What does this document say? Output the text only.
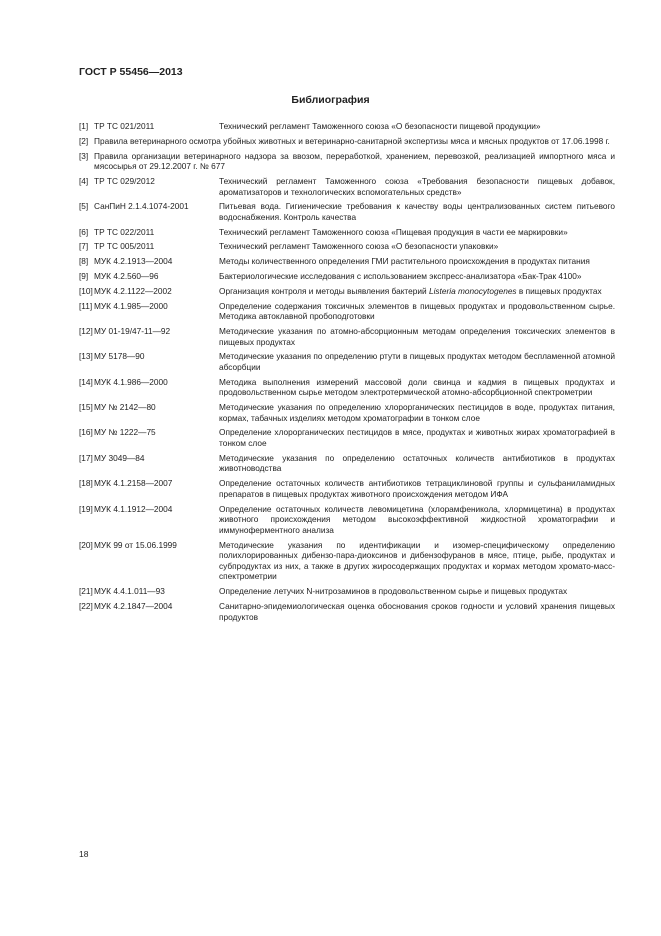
ГОСТ Р 55456—2013
Библиография
[1] ТР ТС 021/2011	Технический регламент Таможенного союза «О безопасности пищевой продукции»
[2] Правила ветеринарного осмотра убойных животных и ветеринарно-санитарной экспертизы мяса и мясных продуктов от 17.06.1998 г.
[3] Правила организации ветеринарного надзора за ввозом, переработкой, хранением, перевозкой, реализацией импортного мяса и мясосырья от 29.12.2007 г. № 677
[4] ТР ТС 029/2012	Технический регламент Таможенного союза «Требования безопасности пищевых добавок, ароматизаторов и технологических вспомогательных средств»
[5] СанПиН 2.1.4.1074-2001	Питьевая вода. Гигиенические требования к качеству воды централизованных систем питьевого водоснабжения. Контроль качества
[6] ТР ТС 022/2011	Технический регламент Таможенного союза «Пищевая продукция в части ее маркировки»
[7] ТР ТС 005/2011	Технический регламент Таможенного союза «О безопасности упаковки»
[8] МУК 4.2.1913—2004	Методы количественного определения ГМИ растительного происхождения в продуктах питания
[9] МУК 4.2.560—96	Бактериологические исследования с использованием экспресс-анализатора «Бак-Трак 4100»
[10] МУК 4.2.1122—2002	Организация контроля и методы выявления бактерий Listeria monocytogenes в пищевых продуктах
[11] МУК 4.1.985—2000	Определение содержания токсичных элементов в пищевых продуктах и продовольственном сырье. Методика автоклавной пробоподготовки
[12] МУ 01-19/47-11—92	Методические указания по атомно-абсорционным методам определения токсических элементов в пищевых продуктах
[13] МУ 5178—90	Методические указания по определению ртути в пищевых продуктах методом беспламенной атомной абсорбции
[14] МУК 4.1.986—2000	Методика выполнения измерений массовой доли свинца и кадмия в пищевых продуктах и продовольственном сырье методом электротермической атомно-абсорбционной спектрометрии
[15] МУ № 2142—80	Методические указания по определению хлорорганических пестицидов в воде, продуктах питания, кормах, табачных изделиях методом хроматографии в тонком слое
[16] МУ № 1222—75	Определение хлорорганических пестицидов в мясе, продуктах и животных жирах хроматографией в тонком слое
[17] МУ 3049—84	Методические указания по определению остаточных количеств антибиотиков в продуктах животноводства
[18] МУК 4.1.2158—2007	Определение остаточных количеств антибиотиков тетрациклиновой группы и сульфаниламидных препаратов в пищевых продуктах животного происхождения методом ИФА
[19] МУК 4.1.1912—2004	Определение остаточных количеств левомицетина (хлорамфеникола, хлормицетина) в продуктах животного происхождения методом высокоэффективной жидкостной хроматографии и иммуноферментного анализа
[20] МУК 99 от 15.06.1999	Методические указания по идентификации и изомер-специфическому определению полихлорированных дибензо-пара-диоксинов и дибензофуранов в мясе, птице, рыбе, продуктах и субпродуктах из них, а также в других жиросодержащих продуктах и кормах методом хромато-масс-спектрометрии
[21] МУК 4.4.1.011—93	Определение летучих N-нитрозаминов в продовольственном сырье и пищевых продуктах
[22] МУК 4.2.1847—2004	Санитарно-эпидемиологическая оценка обоснования сроков годности и условий хранения пищевых продуктов
18
